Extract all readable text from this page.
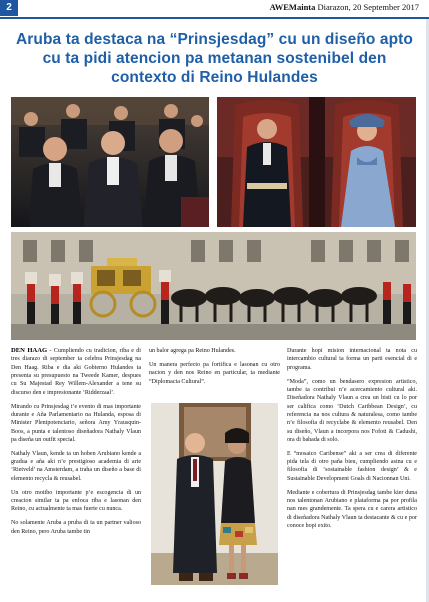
2	AWEMainta Diarazon, 20 September 2017
Aruba ta destaca na “Prinsjesdag” cu un diseño apto cu ta pidi atencion pa metanan sostenibel den contexto di Reino Hulandes

DEN HAAG - Cumpliendo cu tradicion, riba e di tres diarazo di september ta celebra Prinsjesdag na Den Haag. Riba e dia aki Gobierno Hulandes ta presenta su presupuesto na Tweede Kamer, despues cu Su Majestad Rey Willem-Alexander a tene su discurso den e impresionante ‘Ridderzaal’.

Mirando cu Prinsjesdag t’e evento di mas importante durante e Aña Parlamentario na Hulanda, esposa di Minister Plenipotenciario, señora Amy Yrausquin-Boos, a punta e talentoso diseñadora Nathaly Vlaun pa diseña un outfit special.

Nathaly Vlaun, kende ta un hoben Arubiano kende a gradua e aña aki n’e prestigioso academia di arte ‘Rietveld’ na Amsterdam, a traha un diseño a base di elemento recycla & reusabel.

Un otro motibo importante p’e escogencia di un creacion similar ta pa enfoca riba e lasonan den Reino, cu actualmente ta mas fuerte cu nunca.

No solamente Aruba a pruba di ta un partner valioso den Reino, pero Aruba tambe tin

un balor agrega pa Reino Hulandes.

Un manera perfecto pa fortifica e lasonan cu otro nacion y den nos Reino en particular, ta mediante “Diplomacia Cultural”.

Durante hopi mision internacional ta nota cu intercambio cultural ta forma un parti esencial di e programa.

“Moda”, como un bendasero expresion artistico, tambe ta contribui n’e acercamiento cultural aki. Diseñadora Nathaly Vlaun a crea un bisti cu lo por ser califica como ‘Dutch Caribbean Design’, cu referencia na nos cultura & naturalesa, como tambe n’e filosofia di recyclabe & elemento reusabel. Den su diseño, Vlaun a incorpora nos Fofoti & Cadushi, ora di bahada di solo.

E “mosaico Caribense” aki a ser crea di diferente pida tela di otro paña bieu, cumpliendo asina cu e filosofia di ‘sostainable fashion design’ & e Sustainable Development Goals di Nacionnan Uni.

Mediante e cobertura di Prinsjesdag tambe kier duna nos talentonan Arubiano e plataforma pa por profila nan mes grandemente. Ta spera cu e carera artistico di diseñadora Nathaly Vlaun ta destacante & cu e por conoce hopi exito.
